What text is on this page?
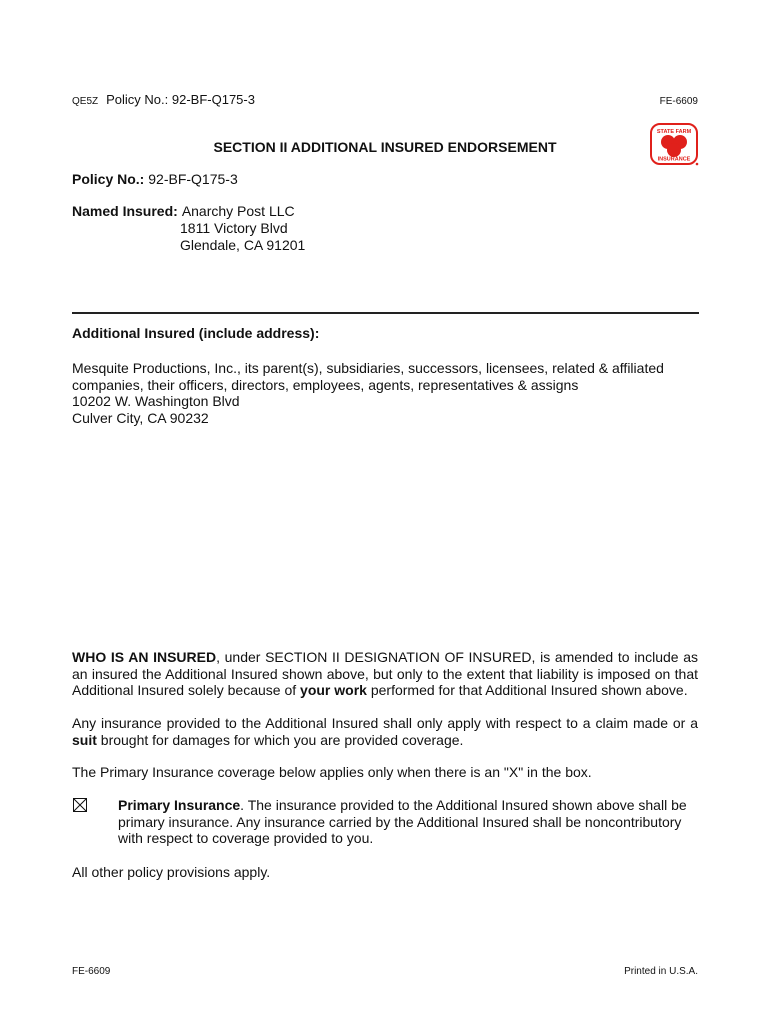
QE5Z Policy No.: 92-BF-Q175-3	FE-6609
STATE FARM
INSURANCE
SECTION II ADDITIONAL INSURED ENDORSEMENT
Policy No.: 92-BF-Q175-3
Named Insured: Anarchy Post LLC
1811 Victory Blvd
Glendale, CA 91201
Additional Insured (include address):
Mesquite Productions, Inc., its parent(s), subsidiaries, successors, licensees, related & affiliated
companies, their officers, directors, employees, agents, representatives & assigns
10202 W. Washington Blvd
Culver City, CA 90232

WHO IS AN INSURED, under SECTION II DESIGNATION OF INSURED, is amended to include as an insured the Additional Insured shown above, but only to the extent that liability is imposed on that Additional Insured solely because of your work performed for that Additional Insured shown above.

Any insurance provided to the Additional Insured shall only apply with respect to a claim made or a suit brought for damages for which you are provided coverage.

The Primary Insurance coverage below applies only when there is an "X" in the box.

Primary Insurance. The insurance provided to the Additional Insured shown above shall be primary insurance. Any insurance carried by the Additional Insured shall be noncontributory with respect to coverage provided to you.

All other policy provisions apply.

FE-6609	Printed in U.S.A.
